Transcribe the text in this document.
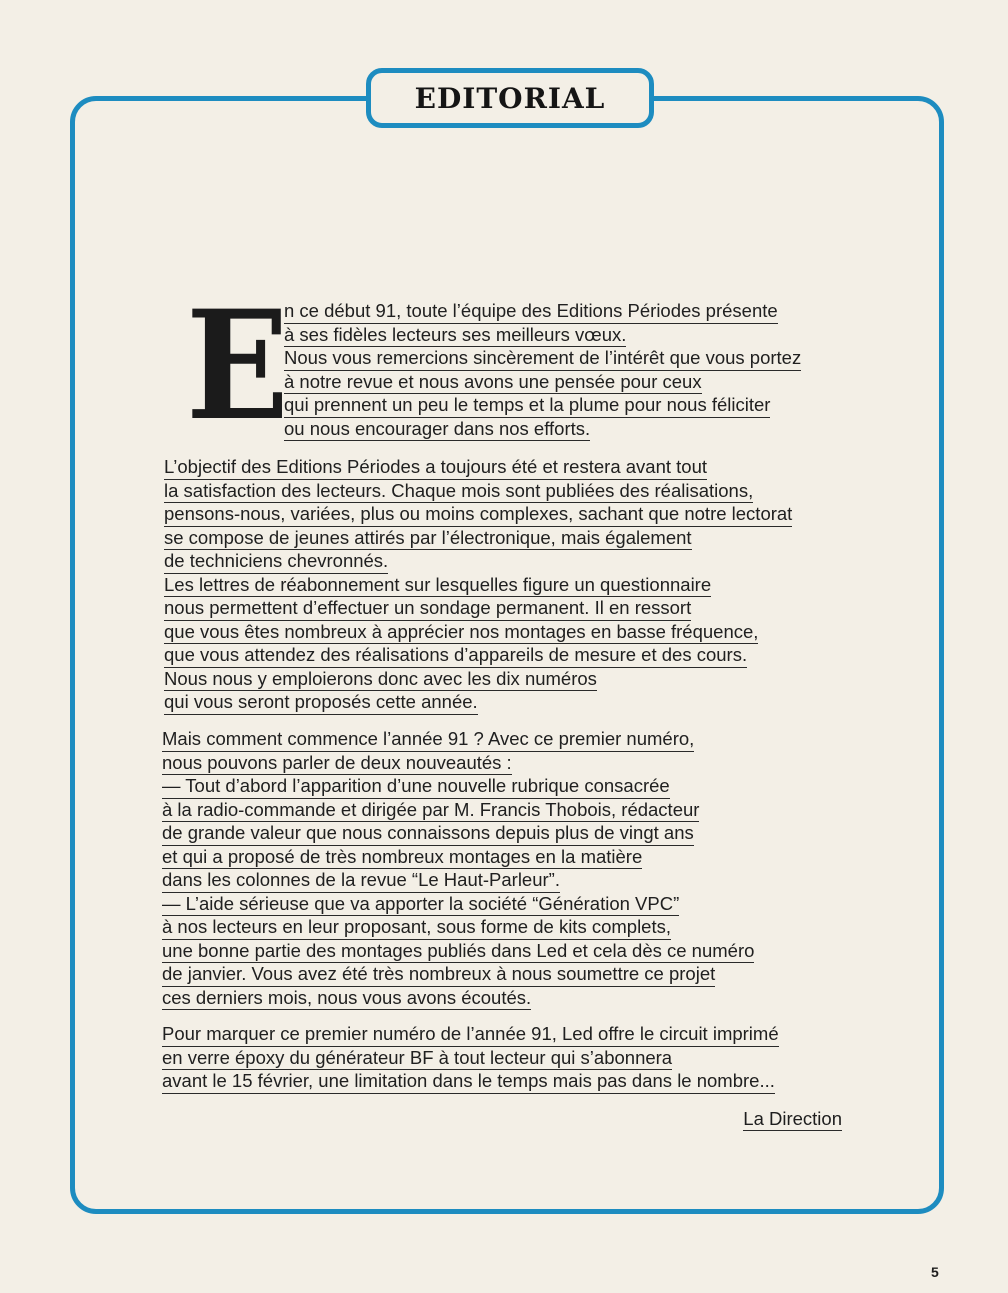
EDITORIAL
E
n ce début 91, toute l’équipe des Editions Périodes présente
à ses fidèles lecteurs ses meilleurs vœux.
Nous vous remercions sincèrement de l’intérêt que vous portez
à notre revue et nous avons une pensée pour ceux
qui prennent un peu le temps et la plume pour nous féliciter
ou nous encourager dans nos efforts.
L’objectif des Editions Périodes a toujours été et restera avant tout
la satisfaction des lecteurs. Chaque mois sont publiées des réalisations,
pensons-nous, variées, plus ou moins complexes, sachant que notre lectorat
se compose de jeunes attirés par l’électronique, mais également
de techniciens chevronnés.
Les lettres de réabonnement sur lesquelles figure un questionnaire
nous permettent d’effectuer un sondage permanent. Il en ressort
que vous êtes nombreux à apprécier nos montages en basse fréquence,
que vous attendez des réalisations d’appareils de mesure et des cours.
Nous nous y emploierons donc avec les dix numéros
qui vous seront proposés cette année.
Mais comment commence l’année 91 ? Avec ce premier numéro,
nous pouvons parler de deux nouveautés :
— Tout d’abord l’apparition d’une nouvelle rubrique consacrée
à la radio-commande et dirigée par M. Francis Thobois, rédacteur
de grande valeur que nous connaissons depuis plus de vingt ans
et qui a proposé de très nombreux montages en la matière
dans les colonnes de la revue “Le Haut-Parleur”.
— L’aide sérieuse que va apporter la société “Génération VPC”
à nos lecteurs en leur proposant, sous forme de kits complets,
une bonne partie des montages publiés dans Led et cela dès ce numéro
de janvier. Vous avez été très nombreux à nous soumettre ce projet
ces derniers mois, nous vous avons écoutés.
Pour marquer ce premier numéro de l’année 91, Led offre le circuit imprimé
en verre époxy du générateur BF à tout lecteur qui s’abonnera
avant le 15 février, une limitation dans le temps mais pas dans le nombre...
La Direction
5
